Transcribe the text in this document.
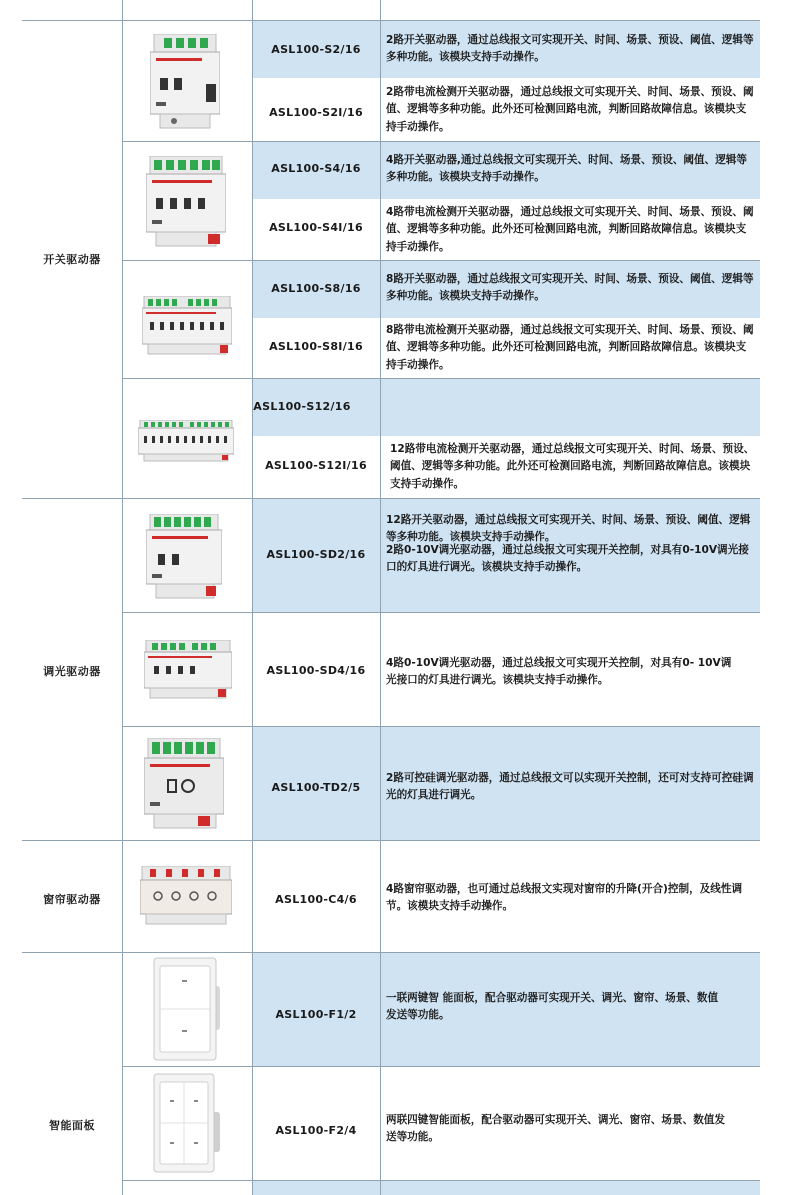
开关驱动器
调光驱动器
窗帘驱动器
智能面板
ASL100-S2/16
ASL100-S2I/16
ASL100-S4/16
ASL100-S4I/16
ASL100-S8/16
ASL100-S8I/16
ASL100-S12/16
ASL100-S12I/16
ASL100-SD2/16
ASL100-SD4/16
ASL100-TD2/5
ASL100-C4/6
ASL100-F1/2
ASL100-F2/4
2路开关驱动器，通过总线报文可实现开关、时间、场景、预设、阈值、逻辑等多种功能。该模块支持手动操作。
2路带电流检测开关驱动器，通过总线报文可实现开关、时间、场景、预设、阈值、逻辑等多种功能。此外还可检测回路电流，判断回路故障信息。该模块支持手动操作。
4路开关驱动器,通过总线报文可实现开关、时间、场景、预设、阈值、逻辑等多种功能。该模块支持手动操作。
4路带电流检测开关驱动器，通过总线报文可实现开关、时间、场景、预设、阈值、逻辑等多种功能。此外还可检测回路电流，判断回路故障信息。该模块支持手动操作。
8路开关驱动器，通过总线报文可实现开关、时间、场景、预设、阈值、逻辑等多种功能。该模块支持手动操作。
8路带电流检测开关驱动器，通过总线报文可实现开关、时间、场景、预设、阈值、逻辑等多种功能。此外还可检测回路电流，判断回路故障信息。该模块支持手动操作。
12路带电流检测开关驱动器，通过总线报文可实现开关、时间、场景、预设、阈值、逻辑等多种功能。此外还可检测回路电流，判断回路故障信息。该模块支持手动操作。
12路开关驱动器，通过总线报文可实现开关、时间、场景、预设、阈值、逻辑等多种功能。该模块支持手动操作。
2路0-10V调光驱动器，通过总线报文可实现开关控制，对具有0-10V调光接口的灯具进行调光。该模块支持手动操作。
4路0-10V调光驱动器，通过总线报文可实现开关控制，对具有0- 10V调光接口的灯具进行调光。该模块支持手动操作。
2路可控硅调光驱动器，通过总线报文可以实现开关控制，还可对支持可控硅调光的灯具进行调光。
4路窗帘驱动器，也可通过总线报文实现对窗帘的升降(开合)控制，及线性调节。该模块支持手动操作。
一联两键智 能面板，配合驱动器可实现开关、调光、窗帘、场景、数值发送等功能。
两联四键智能面板，配合驱动器可实现开关、调光、窗帘、场景、数值发送等功能。
